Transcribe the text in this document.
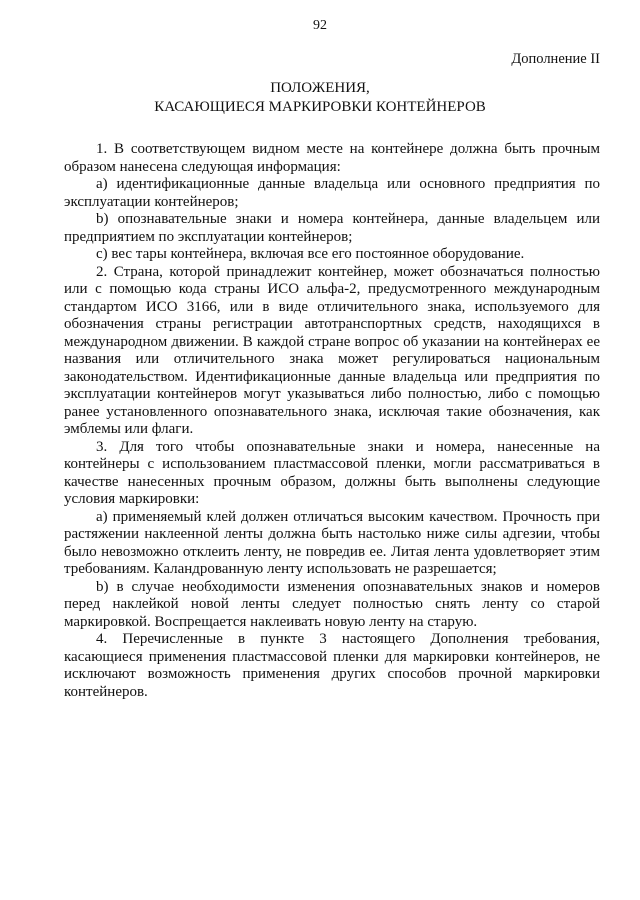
92
Дополнение II
ПОЛОЖЕНИЯ,
КАСАЮЩИЕСЯ МАРКИРОВКИ КОНТЕЙНЕРОВ

1. В соответствующем видном месте на контейнере должна быть прочным образом нанесена следующая информация:

a) идентификационные данные владельца или основного предприятия по эксплуатации контейнеров;

b) опознавательные знаки и номера контейнера, данные владельцем или предприятием по эксплуатации контейнеров;

c) вес тары контейнера, включая все его постоянное оборудование.

2. Страна, которой принадлежит контейнер, может обозначаться полностью или с помощью кода страны ИСО альфа-2, предусмотренного международным стандартом ИСО 3166, или в виде отличительного знака, используемого для обозначения страны регистрации автотранспортных средств, находящихся в международном движении. В каждой стране вопрос об указании на контейнерах ее названия или отличительного знака может регулироваться национальным законодательством. Идентификационные данные владельца или предприятия по эксплуатации контейнеров могут указываться либо полностью, либо с помощью ранее установленного опознавательного знака, исключая такие обозначения, как эмблемы или флаги.

3. Для того чтобы опознавательные знаки и номера, нанесенные на контейнеры с использованием пластмассовой пленки, могли рассматриваться в качестве нанесенных прочным образом, должны быть выполнены следующие условия маркировки:

a) применяемый клей должен отличаться высоким качеством. Прочность при растяжении наклеенной ленты должна быть настолько ниже силы адгезии, чтобы было невозможно отклеить ленту, не повредив ее. Литая лента удовлетворяет этим требованиям. Каландрованную ленту использовать не разрешается;

b) в случае необходимости изменения опознавательных знаков и номеров перед наклейкой новой ленты следует полностью снять ленту со старой маркировкой. Воспрещается наклеивать новую ленту на старую.

4. Перечисленные в пункте 3 настоящего Дополнения требования, касающиеся применения пластмассовой пленки для маркировки контейнеров, не исключают возможность применения других способов прочной маркировки контейнеров.
